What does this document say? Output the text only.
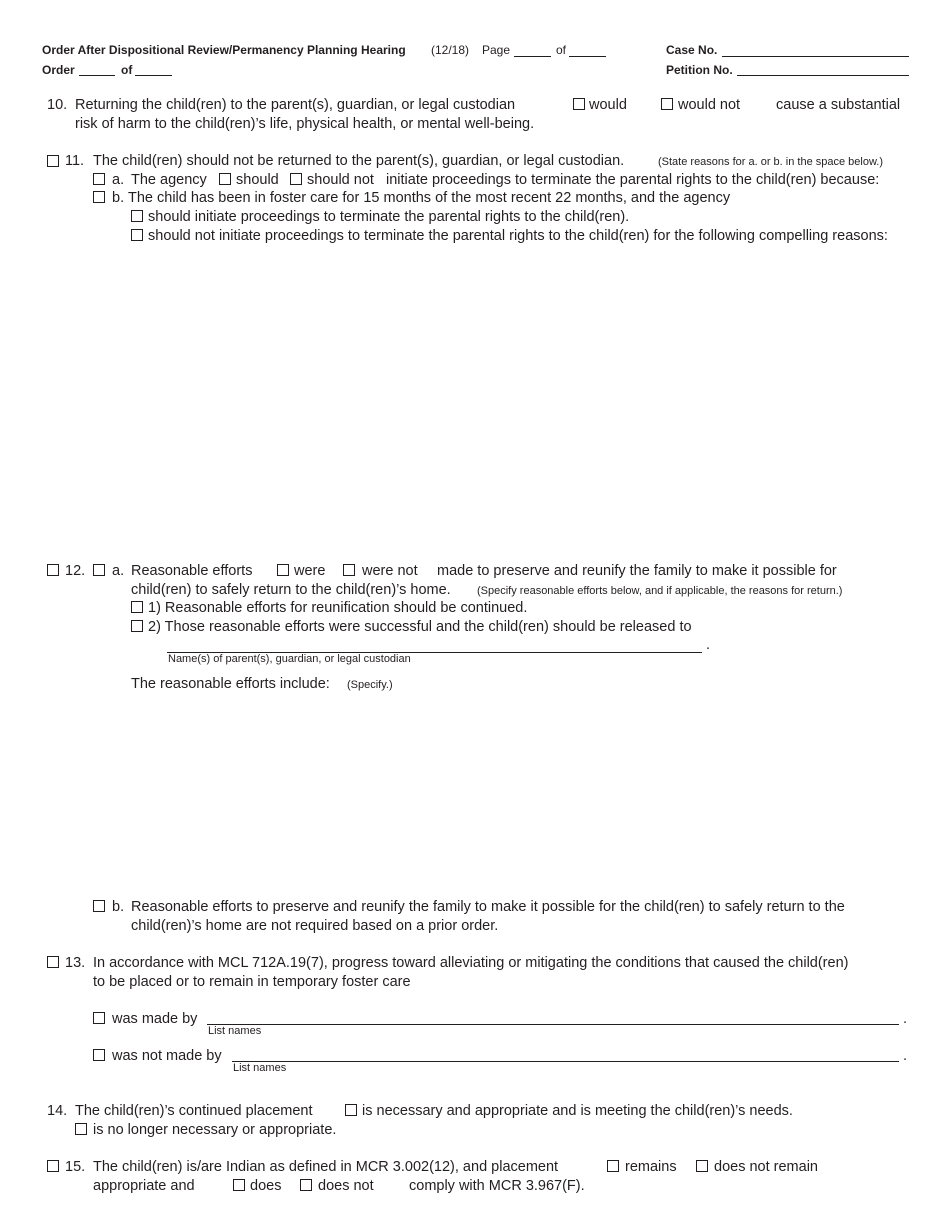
Order After Dispositional Review/Permanency Planning Hearing (12/18) Page	of
Order	of
Case No.
Petition No.
10. Returning the child(ren) to the parent(s), guardian, or legal custodian	would	would not cause a substantial
risk of harm to the child(ren)’s life, physical health, or mental well-being.
11. The child(ren) should not be returned to the parent(s), guardian, or legal custodian.	(State reasons for a. or b. in the space below.)
a. The agency should should not initiate proceedings to terminate the parental rights to the child(ren) because:
b. The child has been in foster care for 15 months of the most recent 22 months, and the agency
should initiate proceedings to terminate the parental rights to the child(ren).
should not initiate proceedings to terminate the parental rights to the child(ren) for the following compelling reasons:
12. a. Reasonable efforts	were	were not made to preserve and reunify the family to make it possible for
child(ren) to safely return to the child(ren)’s home. (Specify reasonable efforts below, and if applicable, the reasons for return.)
1) Reasonable efforts for reunification should be continued.
2) Those reasonable efforts were successful and the child(ren) should be released to
.
Name(s) of parent(s), guardian, or legal custodian
The reasonable efforts include: (Specify.)
b. Reasonable efforts to preserve and reunify the family to make it possible for the child(ren) to safely return to the
child(ren)’s home are not required based on a prior order.
13. In accordance with MCL 712A.19(7), progress toward alleviating or mitigating the conditions that caused the child(ren)
to be placed or to remain in temporary foster care
was made by	.
List names
was not made by	.
List names
14. The child(ren)’s continued placement	is necessary and appropriate and is meeting the child(ren)’s needs.
is no longer necessary or appropriate.
15. The child(ren) is/are Indian as defined in MCR 3.002(12), and placement	remains	does not remain
appropriate and	does	does not comply with MCR 3.967(F).
